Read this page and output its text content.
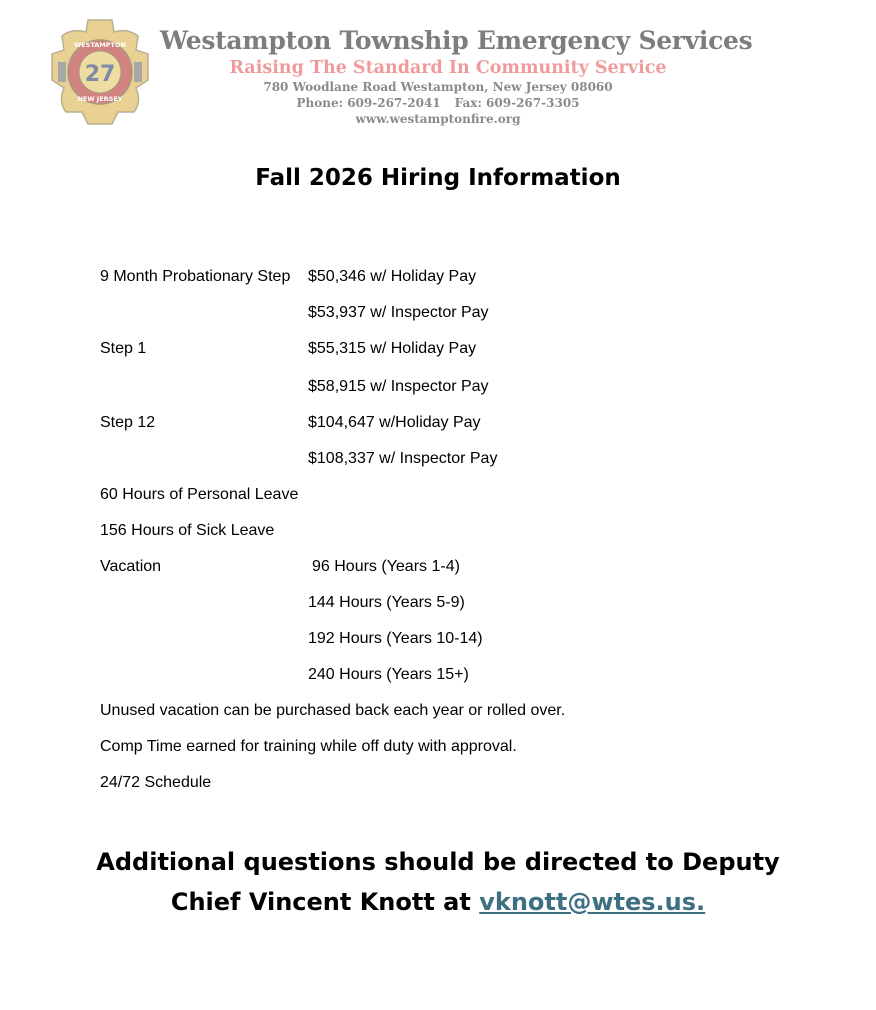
27
WESTAMPTON
NEW JERSEY
Westampton Township Emergency Services
Raising The Standard In Community Service
780 Woodlane Road Westampton, New Jersey 08060
Phone: 609-267-2041 Fax: 609-267-3305
www.westamptonfire.org
Fall 2026 Hiring Information
9 Month Probationary Step $50,346 w/ Holiday Pay
$53,937 w/ Inspector Pay
Step 1	$55,315 w/ Holiday Pay
$58,915 w/ Inspector Pay
Step 12	$104,647 w/Holiday Pay
$108,337 w/ Inspector Pay
60 Hours of Personal Leave
156 Hours of Sick Leave
Vacation	96 Hours (Years 1-4)
144 Hours (Years 5-9)
192 Hours (Years 10-14)
240 Hours (Years 15+)
Unused vacation can be purchased back each year or rolled over.
Comp Time earned for training while off duty with approval.
24/72 Schedule
Additional questions should be directed to Deputy
Chief Vincent Knott at vknott@wtes.us.
